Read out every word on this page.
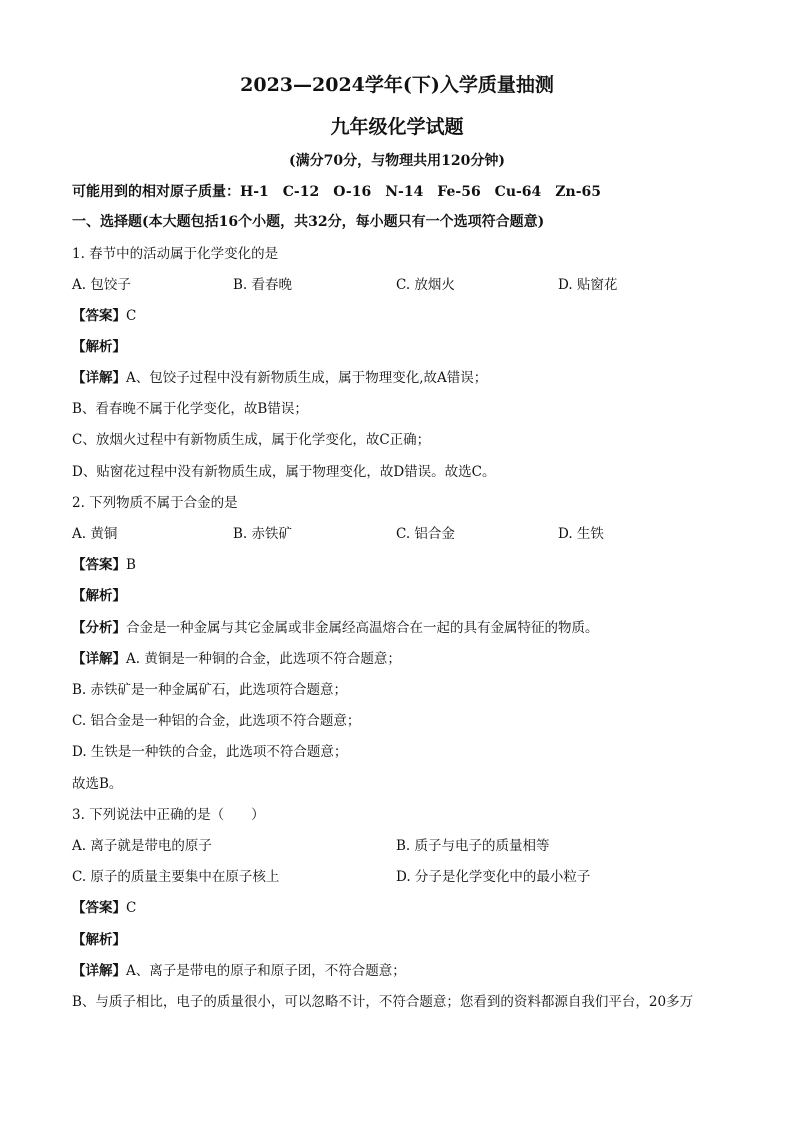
2023—2024学年(下)入学质量抽测
九年级化学试题
(满分70分，与物理共用120分钟)
可能用到的相对原子质量：H-1　C-12　O-16　N-14　Fe-56　Cu-64　Zn-65
一、选择题(本大题包括16个小题，共32分，每小题只有一个选项符合题意)
1. 春节中的活动属于化学变化的是
A. 包饺子	B. 看春晚	C. 放烟火	D. 贴窗花
【答案】C
【解析】
【详解】A、包饺子过程中没有新物质生成，属于物理变化,故A错误；
B、看春晚不属于化学变化，故B错误；
C、放烟火过程中有新物质生成，属于化学变化，故C正确；
D、贴窗花过程中没有新物质生成，属于物理变化，故D错误。故选C。
2. 下列物质不属于合金的是
A. 黄铜	B. 赤铁矿	C. 铝合金	D. 生铁
【答案】B
【解析】
【分析】合金是一种金属与其它金属或非金属经高温熔合在一起的具有金属特征的物质。
【详解】A. 黄铜是一种铜的合金，此选项不符合题意；
B. 赤铁矿是一种金属矿石，此选项符合题意；
C. 铝合金是一种铝的合金，此选项不符合题意；
D. 生铁是一种铁的合金，此选项不符合题意；
故选B。
3. 下列说法中正确的是（　　）
A. 离子就是带电的原子	B. 质子与电子的质量相等
C. 原子的质量主要集中在原子核上	D. 分子是化学变化中的最小粒子
【答案】C
【解析】
【详解】A、离子是带电的原子和原子团，不符合题意；
B、与质子相比，电子的质量很小，可以忽略不计，不符合题意；您看到的资料都源自我们平台，20多万
